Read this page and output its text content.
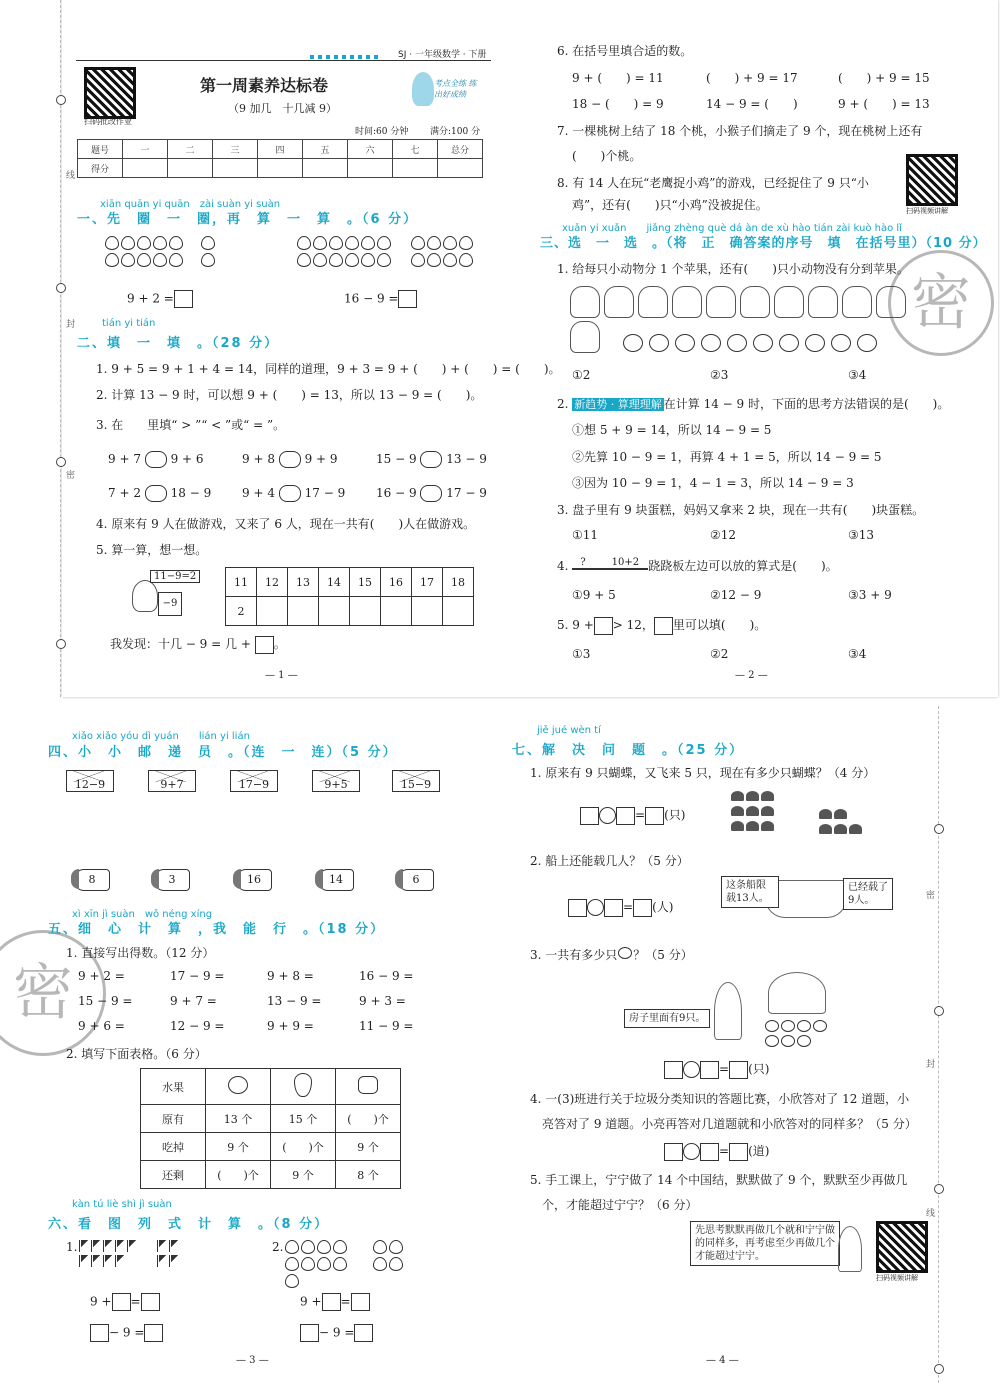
线
封
密
SJ · 一年级数学 · 下册
扫码批改作业
第一周素养达标卷
（9 加几　十几减 9）
考点全练 练出好成绩
时间:60 分钟 满分:100 分
题号	一	二	三	四	五	六	七	总分
得分								
xiān quān yi quān　zài suàn yi suàn
一、先　圈　一　圈，再　算　一　算　。（6 分）

9 + 2 =	16 − 9 =
tián yi tián
二、填　一　填　。（28 分）
1. 9 + 5 = 9 + 1 + 4 = 14，同样的道理，9 + 3 = 9 + (　　) + (　　) = (　　)。
2. 计算 13 − 9 时，可以想 9 + (　　) = 13，所以 13 − 9 = (　　)。
3. 在　　里填“ > ”“ < ”或“ = ”。
9 + 7 9 + 6	9 + 8 9 + 9	15 − 9 13 − 9
7 + 2 18 − 9	9 + 4 17 − 9	16 − 9 17 − 9
4. 原来有 9 人在做游戏，又来了 6 人，现在一共有(　　)人在做游戏。
5. 算一算，想一想。
11−9=2
−9
11	12	13	14	15	16	17	18
2							
我发现：十几 − 9 = 几 + 。
— 1 —
6. 在括号里填合适的数。
9 + (　　) = 11	(　　) + 9 = 17	(　　) + 9 = 15
18 − (　　) = 9	14 − 9 = (　　)	9 + (　　) = 13
7. 一棵桃树上结了 18 个桃，小猴子们摘走了 9 个，现在桃树上还有
(　　)个桃。
8. 有 14 人在玩“老鹰捉小鸡”的游戏，已经捉住了 9 只“小
鸡”，还有(　　)只“小鸡”没被捉住。	扫码视频讲解
xuǎn yi xuǎn　　jiǎng zhèng què dá àn de xù hào tián zài kuò hào lǐ
三、选　一　选　。（将　正　确答案的序号　填　在括号里）（10 分）
密
1. 给每只小动物分 1 个苹果，还有(　　)只小动物没有分到苹果。
①2	②3	③4
2. 新趋势 · 算理理解 在计算 14 − 9 时，下面的思考方法错误的是(　　)。
①想 5 + 9 = 14，所以 14 − 9 = 5
②先算 10 − 9 = 1，再算 4 + 1 = 5，所以 14 − 9 = 5
③因为 10 − 9 = 1，4 − 1 = 3，所以 14 − 9 = 3
3. 盘子里有 9 块蛋糕，妈妈又拿来 2 块，现在一共有(　　)块蛋糕。
①11	②12	③13
4. ?	10+2 跷跷板左边可以放的算式是(　　)。
①9 + 5	②12 − 9	③3 + 9
5. 9 + > 12， 里可以填(　　)。
①3	②2	③4
— 2 —
密
封
线
xiǎo xiǎo yóu dì yuán　　lián yi lián
四、小　小　邮　递　员　。（连　一　连）（5 分）
12−9	9+7	17−9	9+5	15−9
8	3	16	14	6
密
xì xīn jì suàn　wǒ néng xíng
五、细　心　计　算　，我　能　行　。（18 分）
1. 直接写出得数。（12 分）
9 + 2 =	17 − 9 =	9 + 8 =	16 − 9 =
15 − 9 =	9 + 7 =	13 − 9 =	9 + 3 =
9 + 6 =	12 − 9 =	9 + 9 =	11 − 9 =
2. 填写下面表格。（6 分）
水果			
原有	13 个	15 个	(　　)个
吃掉	9 个	(　　)个	9 个
还剩	(　　)个	9 个	8 个
kàn tú liè shì jì suàn
六、看　图　列　式　计　算　。（8 分）
1.

9 + =
− 9 =
2.

9 + =
− 9 =
— 3 —
jiě jué wèn tí
七、解　决　问　题　。（25 分）
1. 原来有 9 只蝴蝶，又飞来 5 只，现在有多少只蝴蝶？（4 分）
= (只)

2. 船上还能载几人？（5 分）
= (人)
这条船限载13人。
已经载了9人。
3. 一共有多少只 ？（5 分）

房子里面有9只。
= (只)
4. 一(3)班进行关于垃圾分类知识的答题比赛，小欣答对了 12 道题，小
亮答对了 9 道题。小亮再答对几道题就和小欣答对的同样多？（5 分）
= (道)
5. 手工课上，宁宁做了 14 个中国结，默默做了 9 个，默默至少再做几
个，才能超过宁宁？（6 分）
先思考默默再做几个就和宁宁做的同样多，再考虑至少再做几个才能超过宁宁。
扫码视频讲解
— 4 —
